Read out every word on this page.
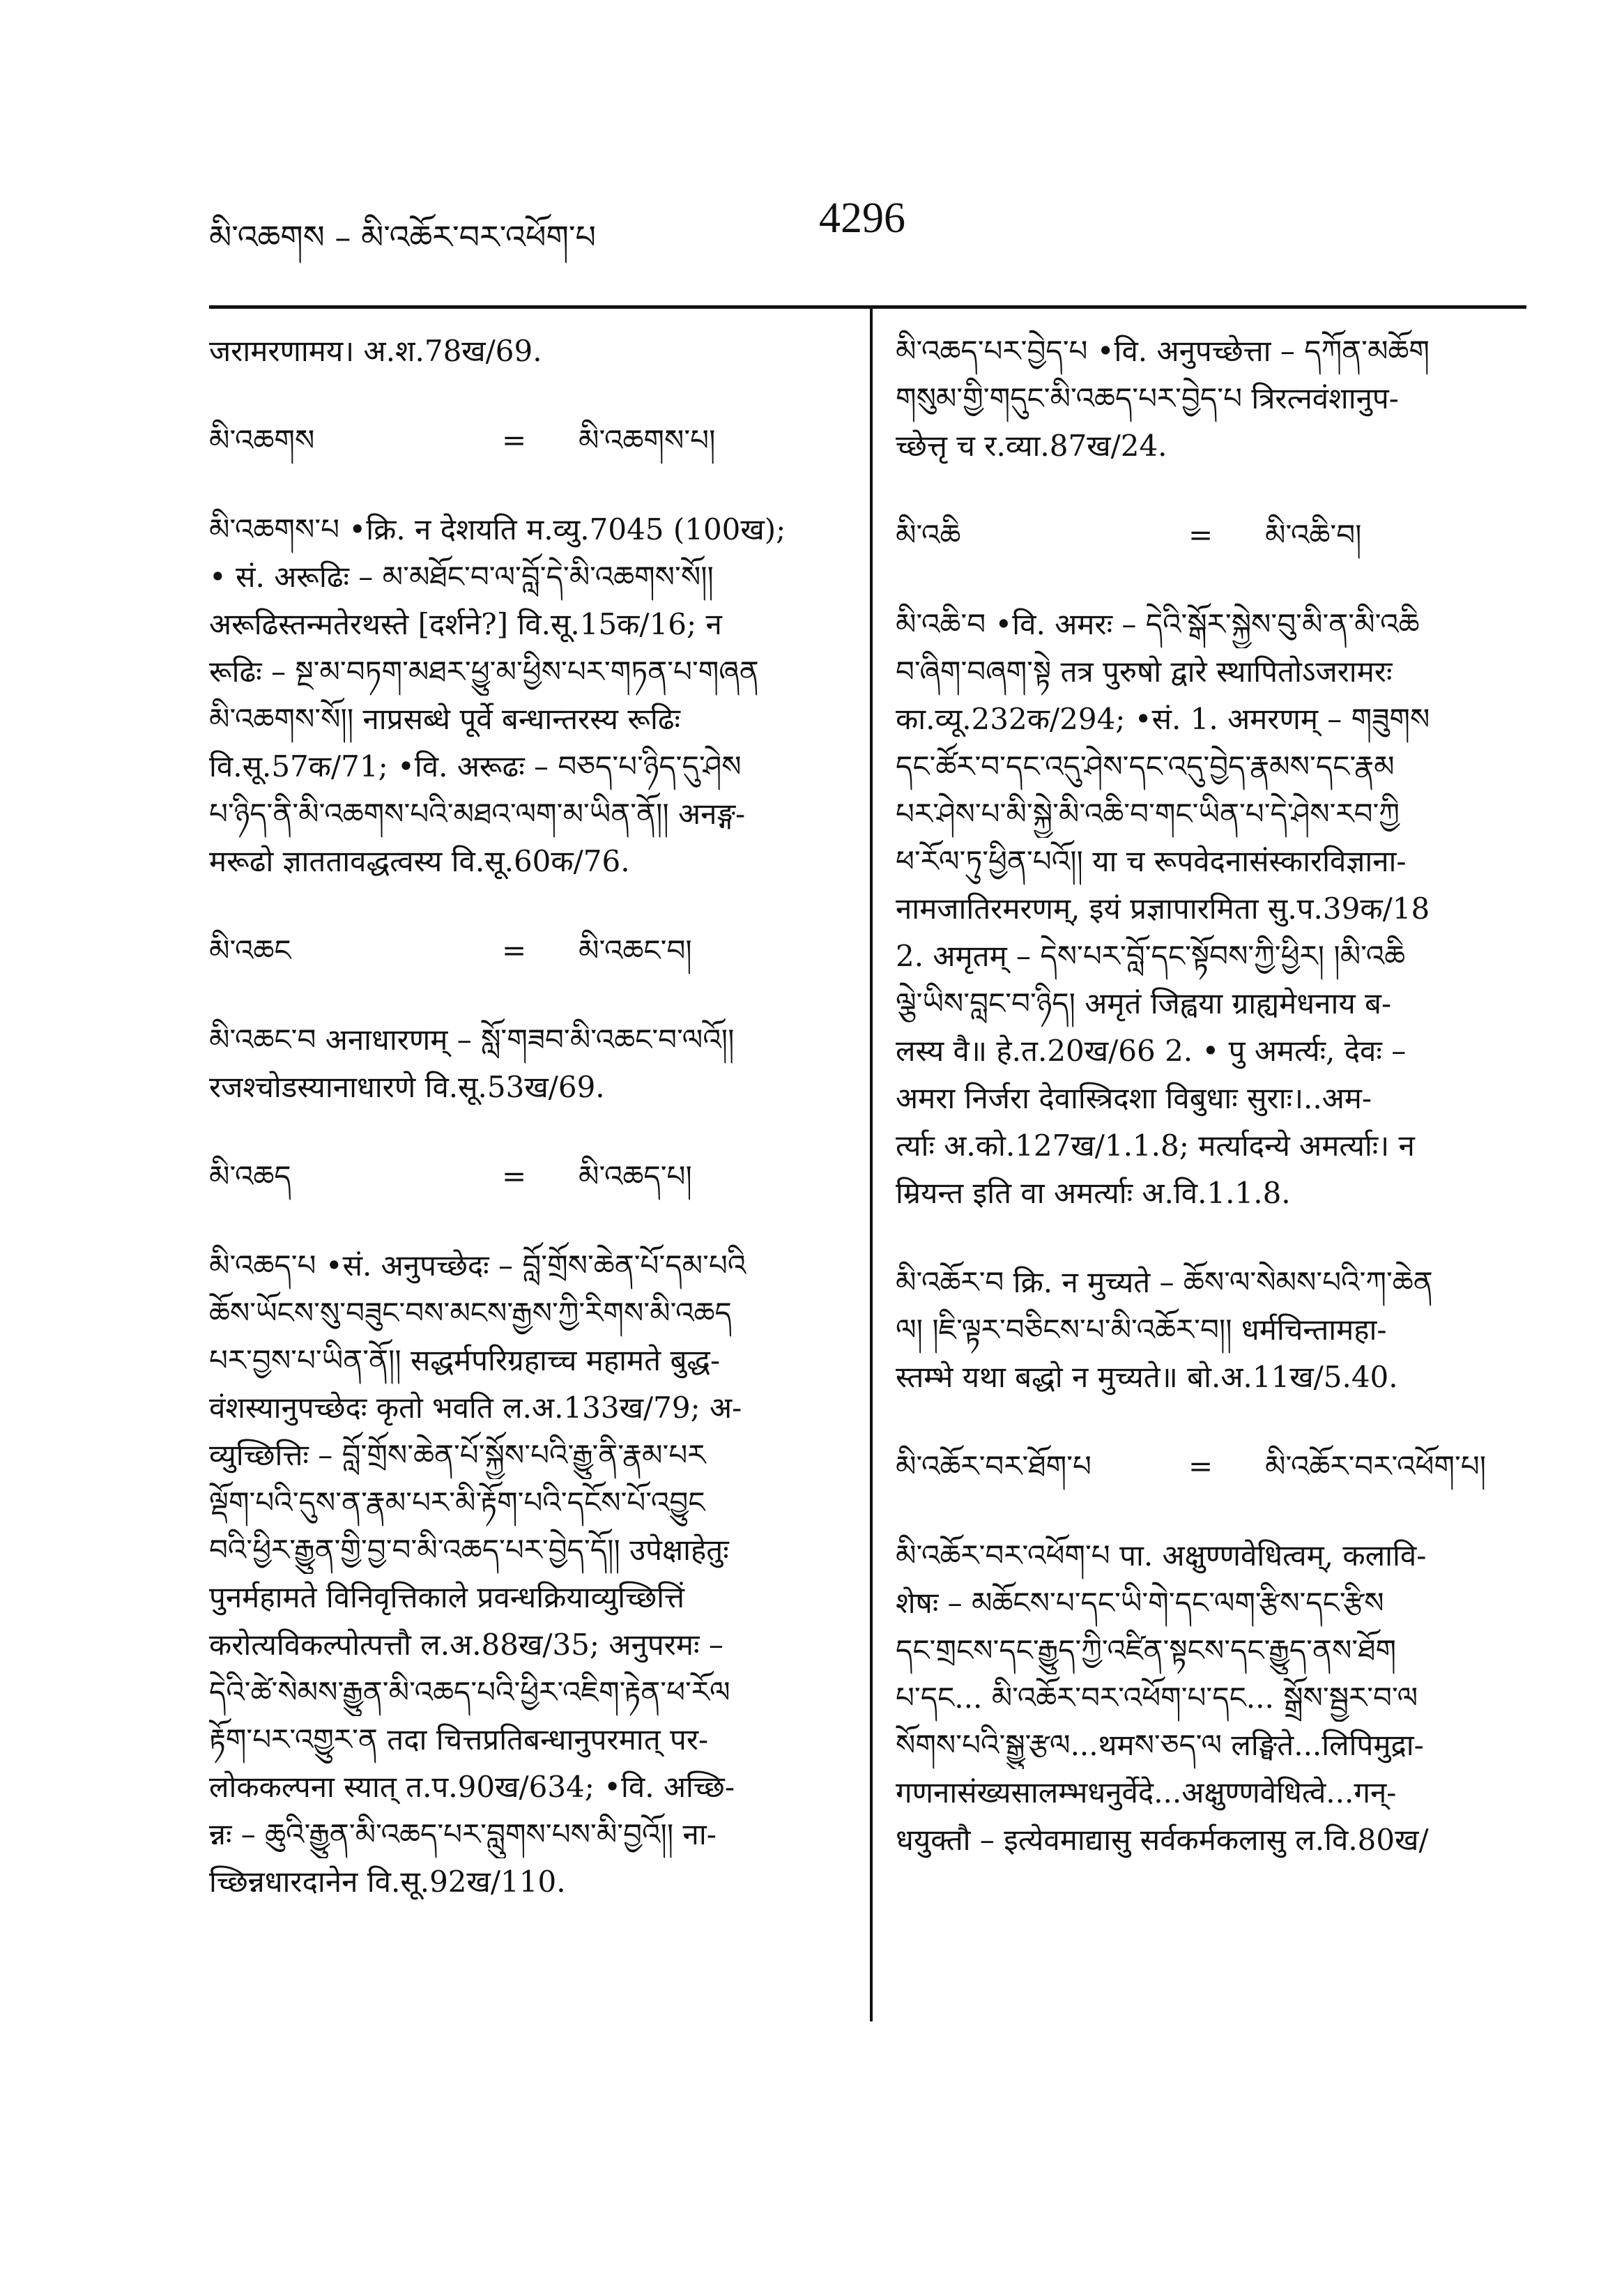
མི་འཆགས – མི་འཆོར་བར་འཕོག་པ	4296
जरामरणामय। अ.श.78ख/69.
མི་འཆགས	=	མི་འཆགས་པ།
མི་འཆགས་པ •क्रि. न देशयति म.व्यु.7045 (100ख);
• सं. अरूढिः – མ་མཐོང་བ་ལ་བློ་དེ་མི་འཆགས་སོ།།
अरूढिस्तन्मतेरथस्ते [दर्शने?] वि.सू.15क/16; न
रूढिः – སྔ་མ་བཏག་མཐར་ཕྱུ་མ་ཕྱིས་པར་གཏན་པ་གཞན
མི་འཆགས་སོ།། नाप्रसब्धे पूर्वे बन्धान्तरस्य रूढिः
वि.सू.57क/71; •वि. अरूढः – བཅད་པ་ཉིད་དུ་ཤེས
པ་ཉིད་ནི་མི་འཆགས་པའི་མཐའ་ལག་མ་ཡིན་ནོ།། अनङ्ग-
मरूढो ज्ञाततावद्धत्वस्य वि.सू.60क/76.
མི་འཆང	=	མི་འཆང་བ།
མི་འཆང་བ अनाधारणम् – སློ་གཟབ་མི་འཆང་བ་ལའོ།།
रजश्चोडस्यानाधारणे वि.सू.53ख/69.
མི་འཆད	=	མི་འཆད་པ།
མི་འཆད་པ •सं. अनुपच्छेदः – བློ་གྲོས་ཆེན་པོ་དམ་པའི
ཆོས་ཡོངས་སུ་བཟུང་བས་མངས་རྒྱས་ཀྱི་རིགས་མི་འཆད
པར་བྱས་པ་ཡིན་ནོ།། सद्धर्मपरिग्रहाच्च महामते बुद्ध-
वंशस्यानुपच्छेदः कृतो भवति ल.अ.133ख/79; अ-
व्युच्छित्तिः – བློ་གྲོས་ཆེན་པོ་སྐྱོས་པའི་རྒྱུ་ནི་རྣམ་པར
ལྡོག་པའི་དུས་ན་རྣམ་པར་མི་རྟོག་པའི་དངོས་པོ་འབྱུང
བའི་ཕྱིར་རྒྱུན་གྱི་བྱ་བ་མི་འཆད་པར་བྱེད་དོ།། उपेक्षाहेतुः
पुनर्महामते विनिवृत्तिकाले प्रवन्धक्रियाव्युच्छित्तिं
करोत्यविकल्पोत्पत्तौ ल.अ.88ख/35; अनुपरमः –
དེའི་ཚེ་སེམས་རྒྱུན་མི་འཆད་པའི་ཕྱིར་འཇིག་རྟེན་ཕ་རོལ
རྟོག་པར་འགྱུར་ན तदा चित्तप्रतिबन्धानुपरमात् पर-
लोककल्पना स्यात् त.प.90ख/634; •वि. अच्छि-
न्नः – ཆུའི་རྒྱུན་མི་འཆད་པར་བླུགས་པས་མི་བྱའོ།། ना-
च्छिन्नधारदानेन वि.सू.92ख/110.
མི་འཆད་པར་བྱེད་པ •वि. अनुपच्छेत्ता – དཀོན་མཆོག
གསུམ་གྱི་གདུང་མི་འཆད་པར་བྱེད་པ त्रिरत्नवंशानुप-
च्छेत्तृ च र.व्या.87ख/24.
མི་འཆི	=	མི་འཆི་བ།
མི་འཆི་བ •वि. अमरः – དེའི་སྒོར་སྐྱེས་བུ་མི་ན་མི་འཆི
བ་ཞིག་བཞག་སྟེ तत्र पुरुषो द्वारे स्थापितोऽजरामरः
का.व्यू.232क/294; •सं. 1. अमरणम् – གཟུགས
དང་ཚོར་བ་དང་འདུ་ཤེས་དང་འདུ་བྱེད་རྣམས་དང་རྣམ
པར་ཤེས་པ་མི་སྐྱེ་མི་འཆི་བ་གང་ཡིན་པ་དེ་ཤེས་རབ་ཀྱི
ཕ་རོལ་ཏུ་ཕྱིན་པའོ།། या च रूपवेदनासंस्कारविज्ञाना-
नामजातिरमरणम्, इयं प्रज्ञापारमिता सु.प.39क/18
2. अमृतम् – དེས་པར་བློ་དང་སྟོབས་ཀྱི་ཕྱིར། །མི་འཆི
ལྕེ་ཡིས་བླང་བ་ཉིད། अमृतं जिह्वया ग्राह्यमेधनाय ब-
लस्य वै॥ हे.त.20ख/66 2. • पु अमर्त्यः, देवः –
अमरा निर्जरा देवास्त्रिदशा विबुधाः सुराः।..अम-
र्त्याः अ.को.127ख/1.1.8; मर्त्यादन्ये अमर्त्याः। न
म्रियन्त इति वा अमर्त्याः अ.वि.1.1.8.
མི་འཆོར་བ क्रि. न मुच्यते – ཆོས་ལ་སེམས་པའི་ཀ་ཆེན
ལ། །ཇི་ལྟར་བཅིངས་པ་མི་འཆོར་བ།། धर्मचिन्तामहा-
स्तम्भे यथा बद्धो न मुच्यते॥ बो.अ.11ख/5.40.
མི་འཆོར་བར་ཐོག་པ	=	མི་འཆོར་བར་འཕོག་པ།
མི་འཆོར་བར་འཕོག་པ पा. अक्षुण्णवेधित्वम्, कलावि-
शेषः – མཆོངས་པ་དང་ཡི་གེ་དང་ལག་རྩིས་དང་རྩིས
དང་གྲངས་དང་རྒྱུད་ཀྱི་འཛིན་སྟངས་དང་རྒྱུད་ནས་ཐོག
པ་དང... མི་འཆོར་བར་འཕོག་པ་དང... སྒྲོས་སྦྱར་བ་ལ
སོགས་པའི་སྒྱུ་རྩལ...थमས་ཅད་ལ लङ्घिते...लिपिमुद्रा-
गणनासंख्यसालम्भधनुर्वेदे...अक्षुण्णवेधित्वे...गन्-
धयुक्तौ – इत्येवमाद्यासु सर्वकर्मकलासु ल.वि.80ख/
